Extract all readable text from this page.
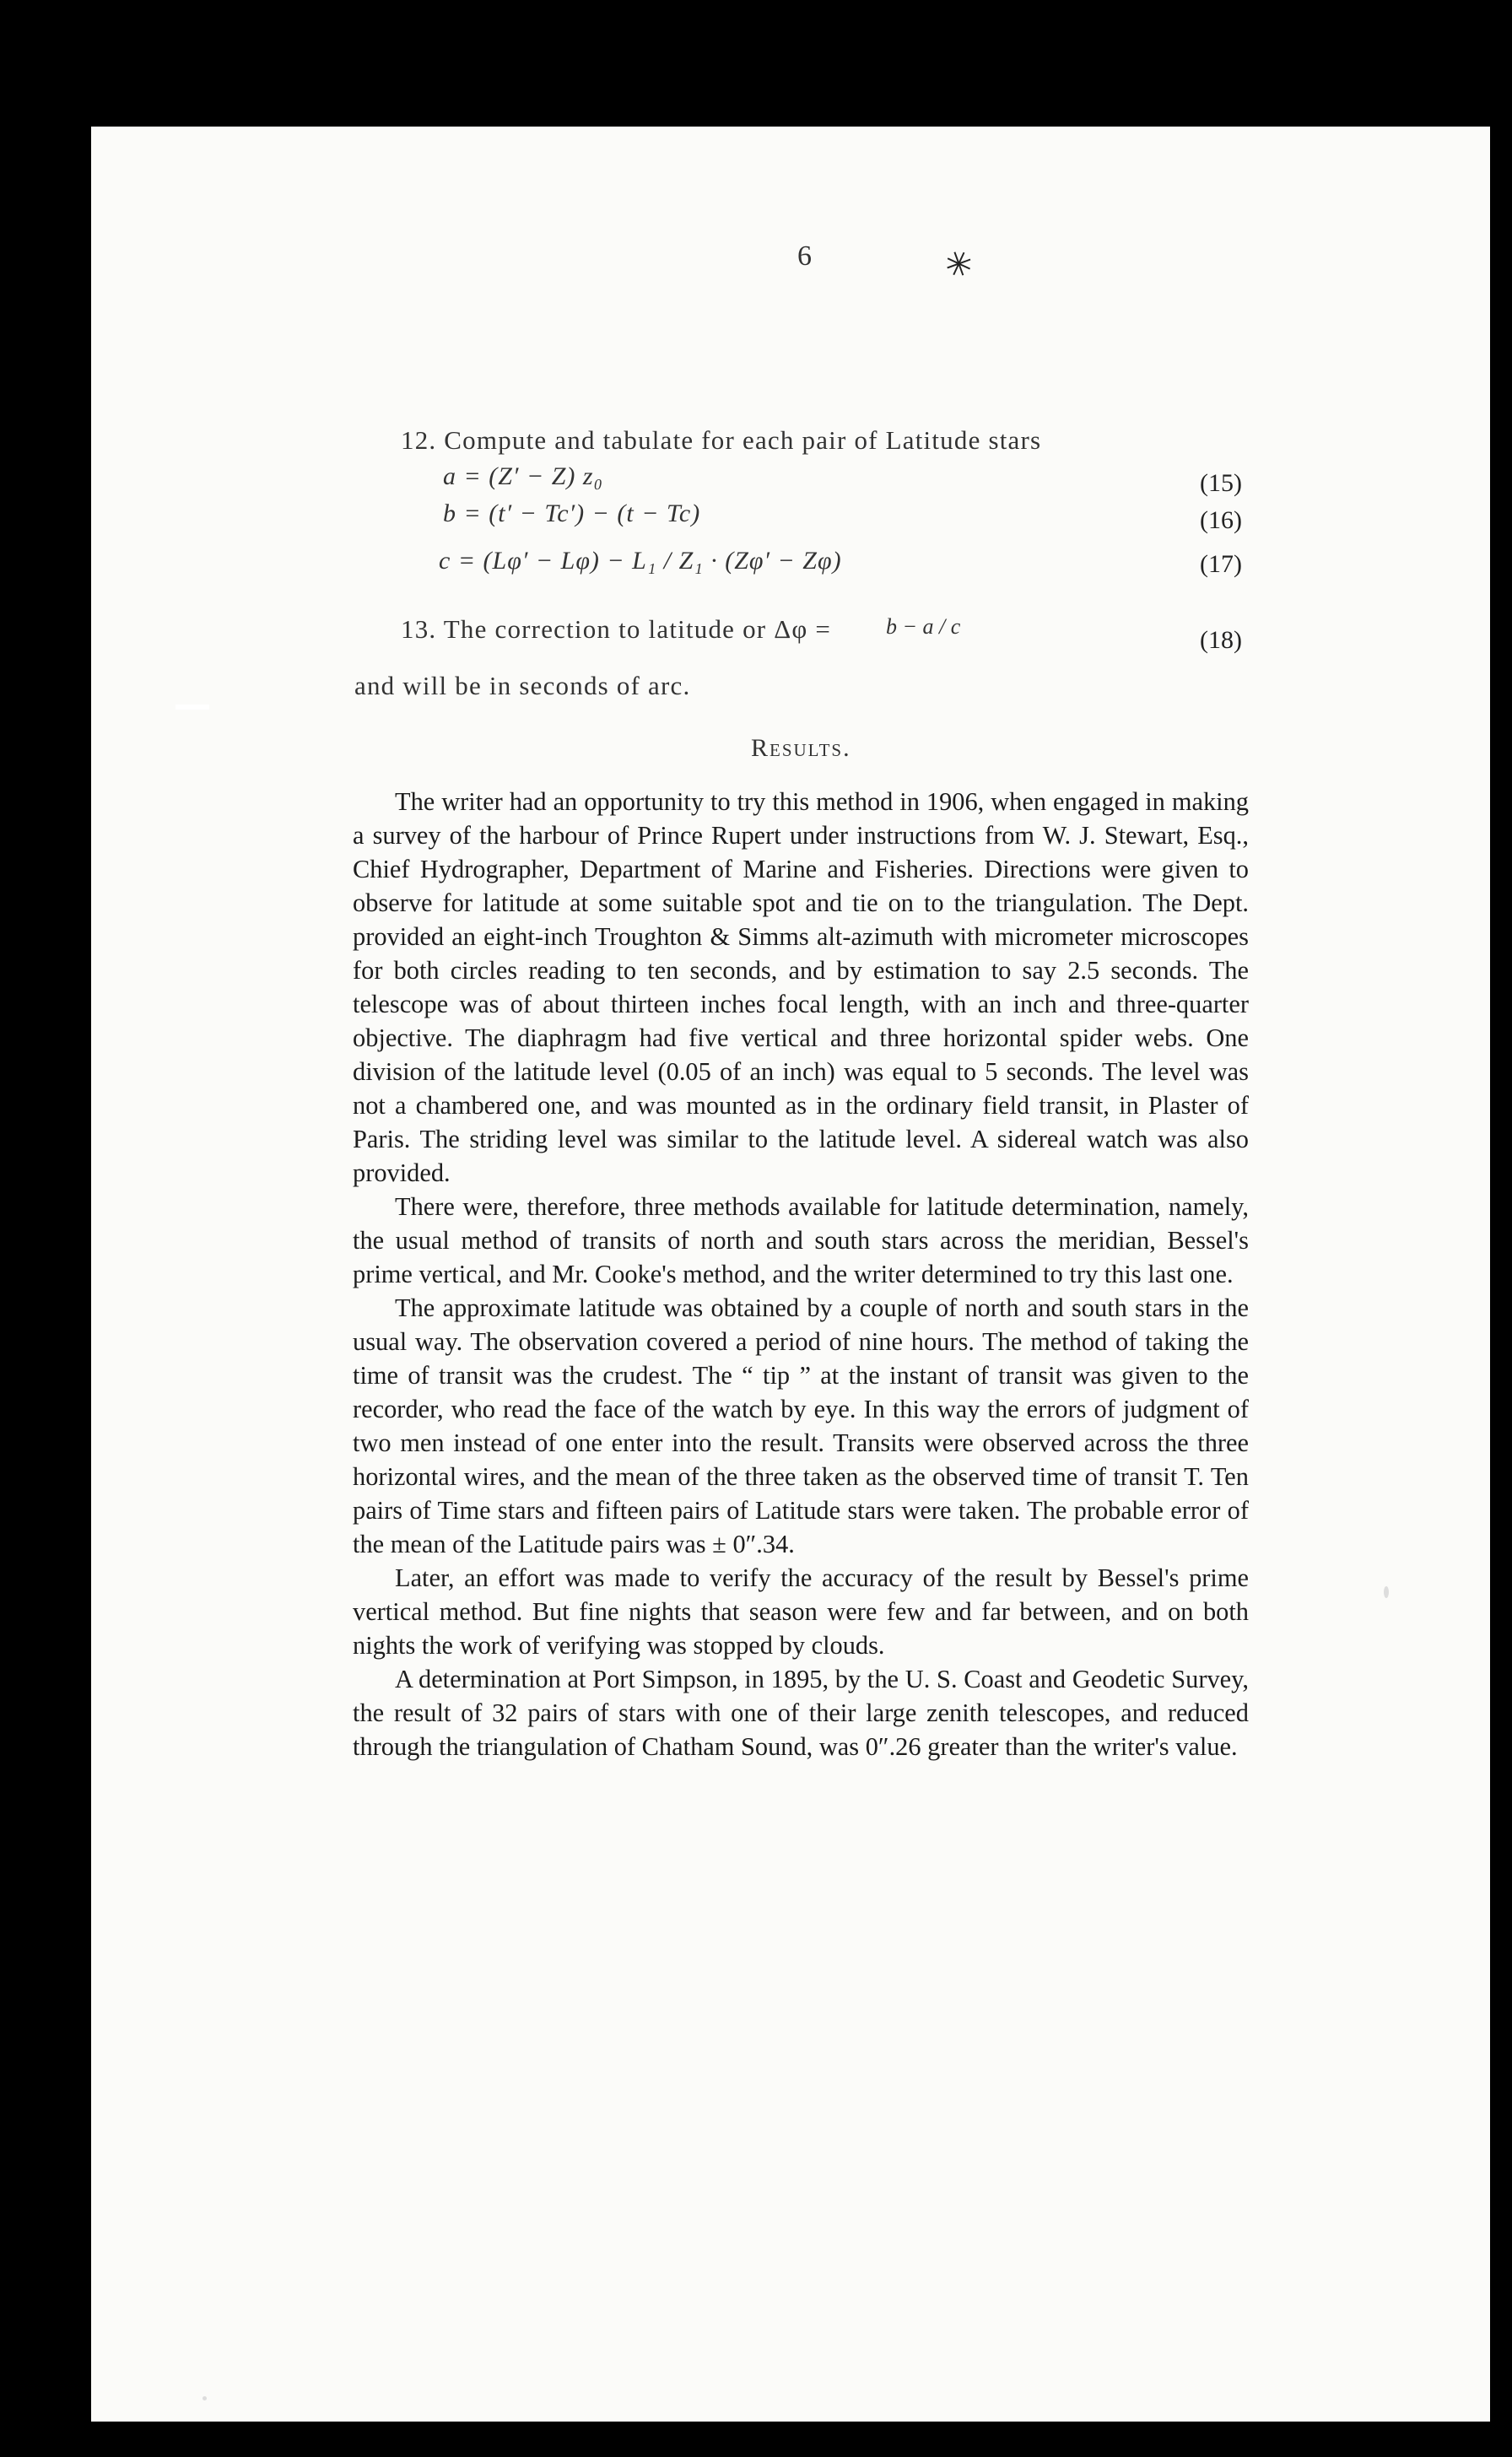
✳
6
12. Compute and tabulate for each pair of Latitude stars
a = (Z′ − Z) z₀	(15)
b = (t′ − Tc′) − (t − Tc)	(16)
c = (Lφ′ − Lφ) − L₁ / Z₁ · (Zφ′ − Zφ)	(17)
13. The correction to latitude or Δφ = b − a / c	(18)
and will be in seconds of arc.
Results.

The writer had an opportunity to try this method in 1906, when engaged in making a survey of the harbour of Prince Rupert under instructions from W. J. Stewart, Esq., Chief Hydrographer, Department of Marine and Fisheries. Directions were given to observe for latitude at some suitable spot and tie on to the triangulation. The Dept. provided an eight-inch Troughton & Simms alt-azimuth with micrometer microscopes for both circles reading to ten seconds, and by estimation to say 2.5 seconds. The telescope was of about thirteen inches focal length, with an inch and three-quarter objective. The diaphragm had five vertical and three horizontal spider webs. One division of the latitude level (0.05 of an inch) was equal to 5 seconds. The level was not a chambered one, and was mounted as in the ordinary field transit, in Plaster of Paris. The striding level was similar to the latitude level. A sidereal watch was also provided.

There were, therefore, three methods available for latitude determination, namely, the usual method of transits of north and south stars across the meridian, Bessel's prime vertical, and Mr. Cooke's method, and the writer determined to try this last one.

The approximate latitude was obtained by a couple of north and south stars in the usual way. The observation covered a period of nine hours. The method of taking the time of transit was the crudest. The “ tip ” at the instant of transit was given to the recorder, who read the face of the watch by eye. In this way the errors of judgment of two men instead of one enter into the result. Transits were observed across the three horizontal wires, and the mean of the three taken as the observed time of transit T. Ten pairs of Time stars and fifteen pairs of Latitude stars were taken. The probable error of the mean of the Latitude pairs was ± 0″.34.

Later, an effort was made to verify the accuracy of the result by Bessel's prime vertical method. But fine nights that season were few and far between, and on both nights the work of verifying was stopped by clouds.

A determination at Port Simpson, in 1895, by the U. S. Coast and Geodetic Survey, the result of 32 pairs of stars with one of their large zenith telescopes, and reduced through the triangulation of Chatham Sound, was 0″.26 greater than the writer's value.
